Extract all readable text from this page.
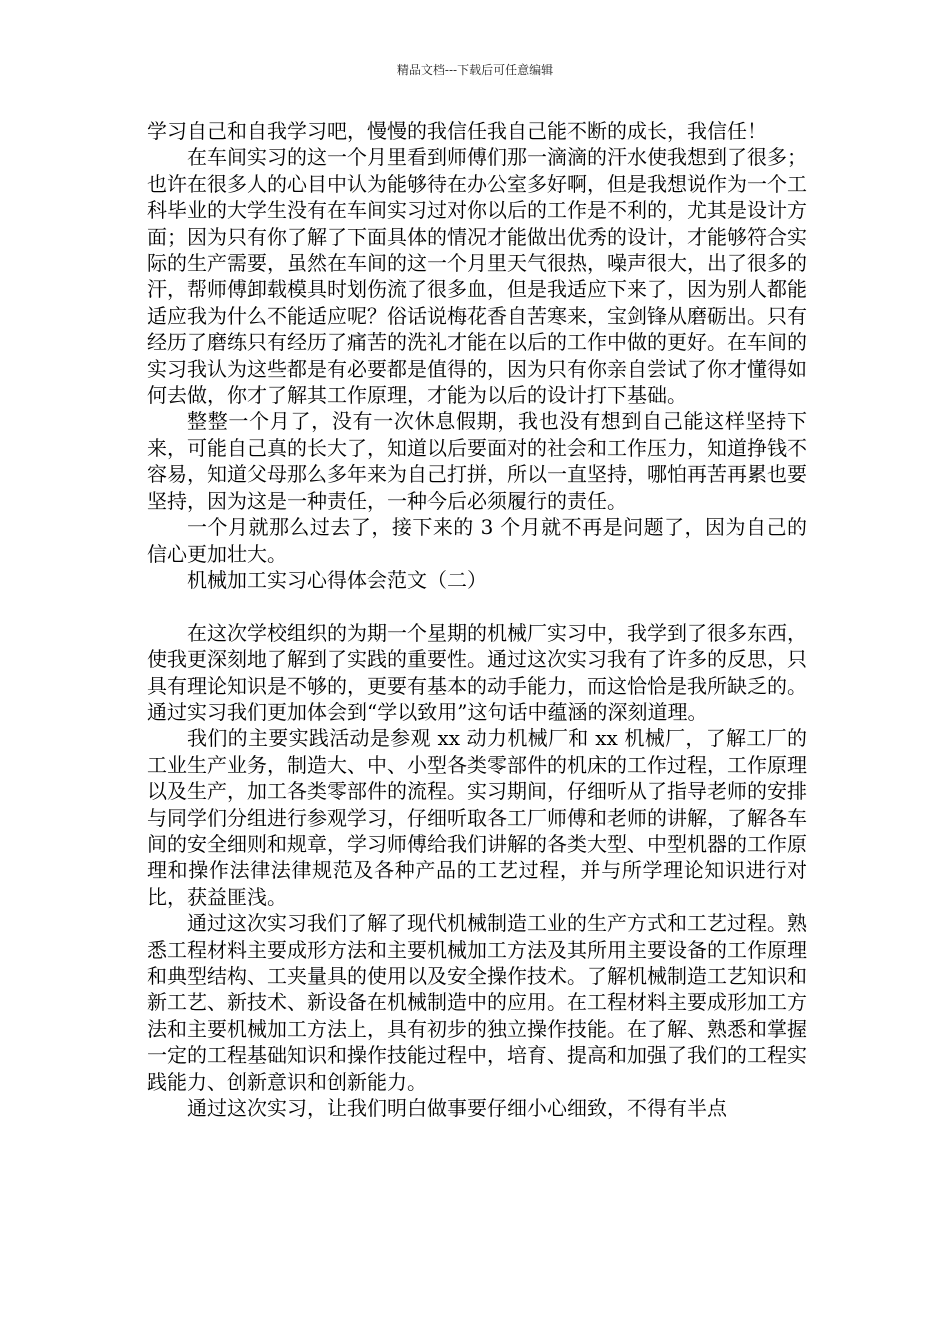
精品文档---下载后可任意编辑

学习自己和自我学习吧，慢慢的我信任我自己能不断的成长，我信任！

在车间实习的这一个月里看到师傅们那一滴滴的汗水使我想到了很多；也许在很多人的心目中认为能够待在办公室多好啊，但是我想说作为一个工科毕业的大学生没有在车间实习过对你以后的工作是不利的，尤其是设计方面；因为只有你了解了下面具体的情况才能做出优秀的设计，才能够符合实际的生产需要，虽然在车间的这一个月里天气很热，噪声很大，出了很多的汗，帮师傅卸载模具时划伤流了很多血，但是我适应下来了，因为别人都能适应我为什么不能适应呢？俗话说梅花香自苦寒来，宝剑锋从磨砺出。只有经历了磨练只有经历了痛苦的洗礼才能在以后的工作中做的更好。在车间的实习我认为这些都是有必要都是值得的，因为只有你亲自尝试了你才懂得如何去做，你才了解其工作原理，才能为以后的设计打下基础。

整整一个月了，没有一次休息假期，我也没有想到自己能这样坚持下来，可能自己真的长大了，知道以后要面对的社会和工作压力，知道挣钱不容易，知道父母那么多年来为自己打拼，所以一直坚持，哪怕再苦再累也要坚持，因为这是一种责任，一种今后必须履行的责任。

一个月就那么过去了，接下来的 3 个月就不再是问题了，因为自己的信心更加壮大。

机械加工实习心得体会范文（二）

在这次学校组织的为期一个星期的机械厂实习中，我学到了很多东西，使我更深刻地了解到了实践的重要性。通过这次实习我有了许多的反思，只具有理论知识是不够的，更要有基本的动手能力，而这恰恰是我所缺乏的。通过实习我们更加体会到“学以致用”这句话中蕴涵的深刻道理。

我们的主要实践活动是参观 xx 动力机械厂和 xx 机械厂，了解工厂的工业生产业务，制造大、中、小型各类零部件的机床的工作过程，工作原理以及生产，加工各类零部件的流程。实习期间，仔细听从了指导老师的安排与同学们分组进行参观学习，仔细听取各工厂师傅和老师的讲解，了解各车间的安全细则和规章，学习师傅给我们讲解的各类大型、中型机器的工作原理和操作法律法律规范及各种产品的工艺过程，并与所学理论知识进行对比，获益匪浅。

通过这次实习我们了解了现代机械制造工业的生产方式和工艺过程。熟悉工程材料主要成形方法和主要机械加工方法及其所用主要设备的工作原理和典型结构、工夹量具的使用以及安全操作技术。了解机械制造工艺知识和新工艺、新技术、新设备在机械制造中的应用。在工程材料主要成形加工方法和主要机械加工方法上，具有初步的独立操作技能。在了解、熟悉和掌握一定的工程基础知识和操作技能过程中，培育、提高和加强了我们的工程实践能力、创新意识和创新能力。

通过这次实习，让我们明白做事要仔细小心细致，不得有半点
